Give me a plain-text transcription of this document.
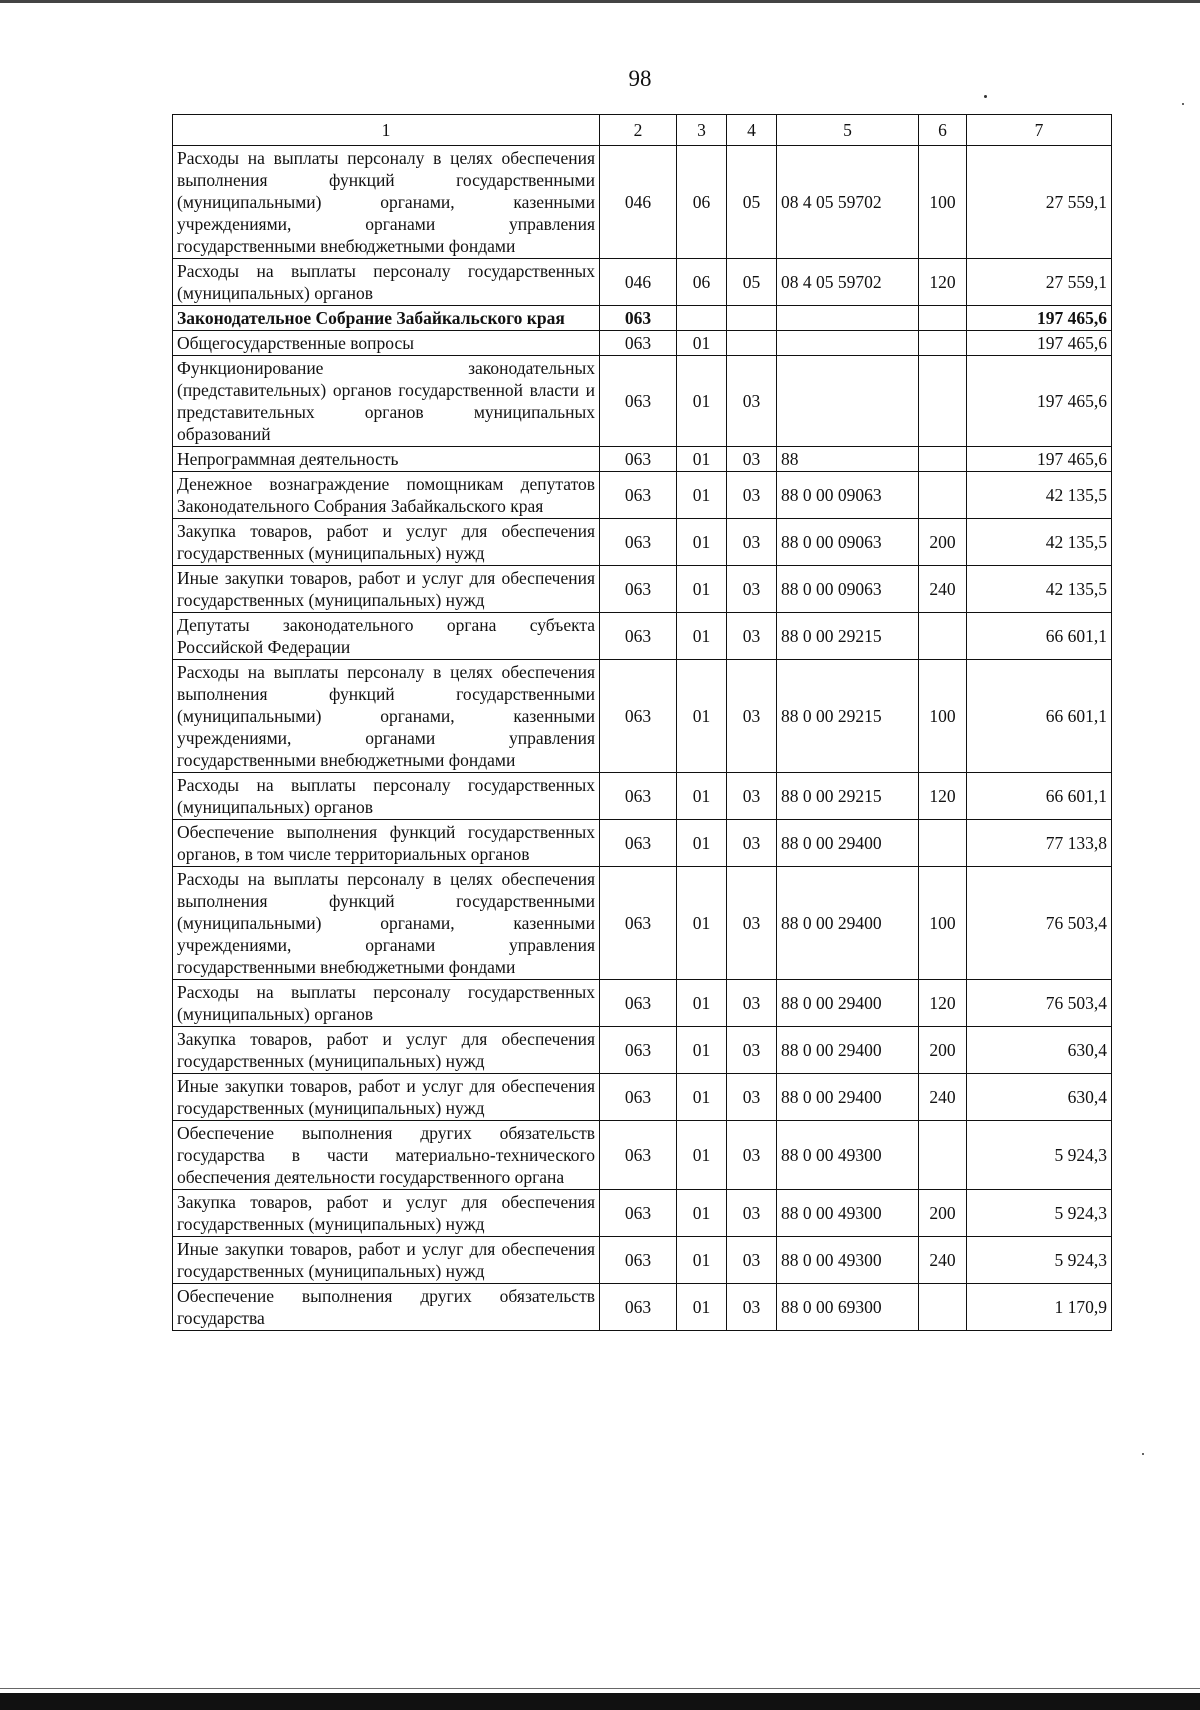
98
1	2	3	4	5	6	7
Расходы на выплаты персоналу в целях обеспечения выполнения функций государственными (муниципальными) органами, казенными учреждениями, органами управления государственными внебюджетными фондами	046	06	05	08 4 05 59702	100	27 559,1
Расходы на выплаты персоналу государственных (муниципальных) органов	046	06	05	08 4 05 59702	120	27 559,1
Законодательное Собрание Забайкальского края	063					197 465,6
Общегосударственные вопросы	063	01				197 465,6
Функционирование законодательных (представительных) органов государственной власти и представительных органов муниципальных образований	063	01	03			197 465,6
Непрограммная деятельность	063	01	03	88		197 465,6
Денежное вознаграждение помощникам депутатов Законодательного Собрания Забайкальского края	063	01	03	88 0 00 09063		42 135,5
Закупка товаров, работ и услуг для обеспечения государственных (муниципальных) нужд	063	01	03	88 0 00 09063	200	42 135,5
Иные закупки товаров, работ и услуг для обеспечения государственных (муниципальных) нужд	063	01	03	88 0 00 09063	240	42 135,5
Депутаты законодательного органа субъекта Российской Федерации	063	01	03	88 0 00 29215		66 601,1
Расходы на выплаты персоналу в целях обеспечения выполнения функций государственными (муниципальными) органами, казенными учреждениями, органами управления государственными внебюджетными фондами	063	01	03	88 0 00 29215	100	66 601,1
Расходы на выплаты персоналу государственных (муниципальных) органов	063	01	03	88 0 00 29215	120	66 601,1
Обеспечение выполнения функций государственных органов, в том числе территориальных органов	063	01	03	88 0 00 29400		77 133,8
Расходы на выплаты персоналу в целях обеспечения выполнения функций государственными (муниципальными) органами, казенными учреждениями, органами управления государственными внебюджетными фондами	063	01	03	88 0 00 29400	100	76 503,4
Расходы на выплаты персоналу государственных (муниципальных) органов	063	01	03	88 0 00 29400	120	76 503,4
Закупка товаров, работ и услуг для обеспечения государственных (муниципальных) нужд	063	01	03	88 0 00 29400	200	630,4
Иные закупки товаров, работ и услуг для обеспечения государственных (муниципальных) нужд	063	01	03	88 0 00 29400	240	630,4
Обеспечение выполнения других обязательств государства в части материально-технического обеспечения деятельности государственного органа	063	01	03	88 0 00 49300		5 924,3
Закупка товаров, работ и услуг для обеспечения государственных (муниципальных) нужд	063	01	03	88 0 00 49300	200	5 924,3
Иные закупки товаров, работ и услуг для обеспечения государственных (муниципальных) нужд	063	01	03	88 0 00 49300	240	5 924,3
Обеспечение выполнения других обязательств государства	063	01	03	88 0 00 69300		1 170,9
